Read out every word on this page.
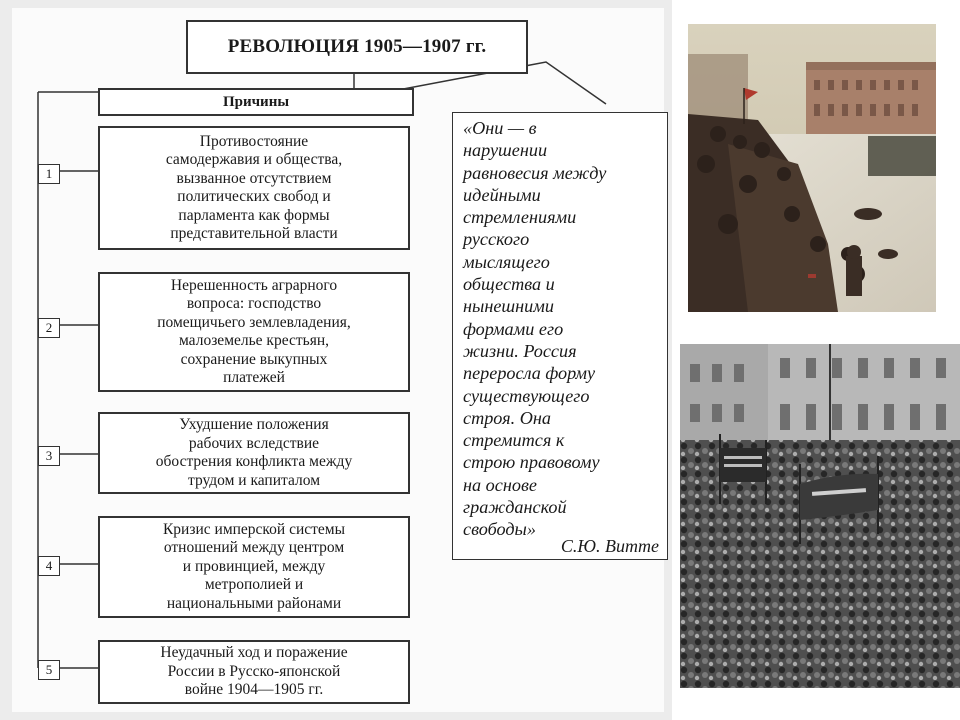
РЕВОЛЮЦИЯ 1905—1907 гг.
Причины
1
Противостояние
самодержавия и общества,
вызванное отсутствием
политических свобод и
парламента как формы
представительной власти
2
Нерешенность аграрного
вопроса: господство
помещичьего землевладения,
малоземелье крестьян,
сохранение выкупных
платежей
3
Ухудшение положения
рабочих вследствие
обострения конфликта между
трудом и капиталом
4
Кризис имперской системы
отношений между центром
и провинцией, между
метрополией и
национальными районами
5
Неудачный ход и поражение
России в Русско-японской
войне 1904—1905 гг.

«Они — в
нарушении
равновесия между
идейными
стремлениями
русского
мыслящего
общества и
нынешними
формами его
жизни. Россия
переросла форму
существующего
строя. Она
стремится к
строю правовому
на основе
гражданской
свободы»

С.Ю. Витте
